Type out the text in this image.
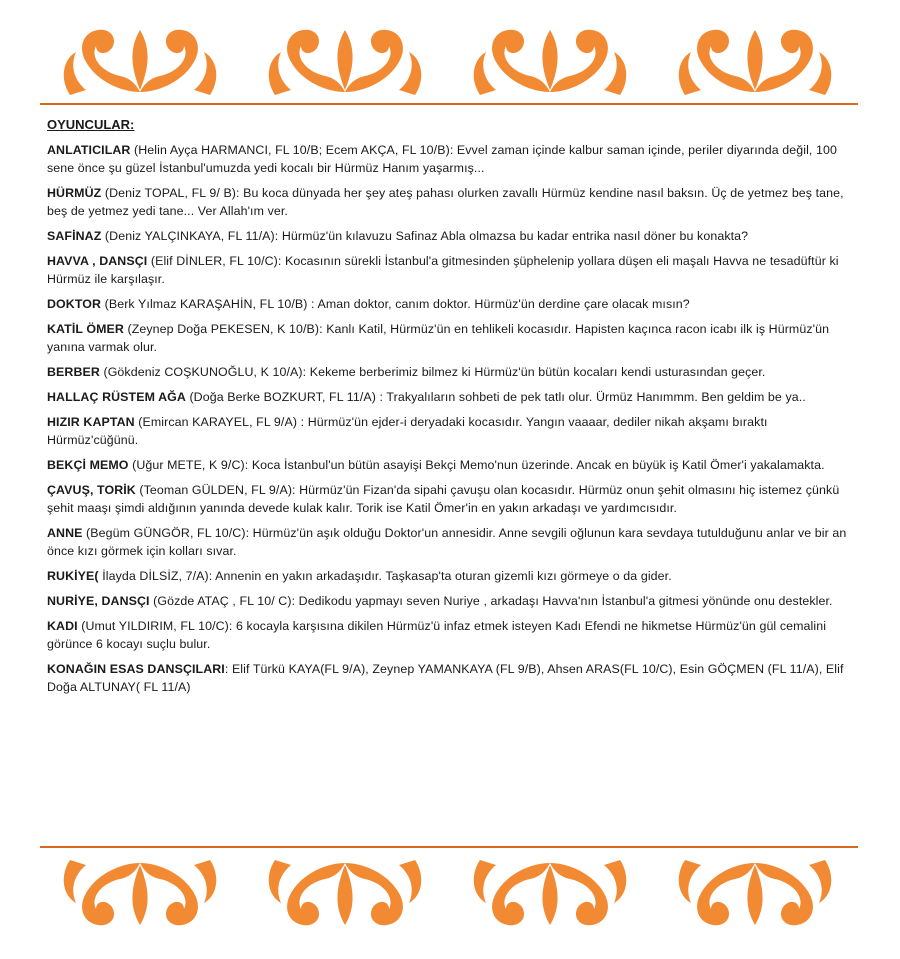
OYUNCULAR:
ANLATICILAR (Helin Ayça HARMANCI, FL 10/B; Ecem AKÇA, FL 10/B): Evvel zaman içinde kalbur saman içinde, periler diyarında değil, 100 sene önce şu güzel İstanbul'umuzda yedi kocalı bir Hürmüz Hanım yaşarmış...
HÜRMÜZ (Deniz TOPAL, FL 9/ B): Bu koca dünyada her şey ateş pahası olurken zavallı Hürmüz kendine nasıl baksın. Üç de yetmez beş tane, beş de yetmez yedi tane... Ver Allah'ım ver.
SAFİNAZ (Deniz YALÇINKAYA, FL 11/A): Hürmüz'ün kılavuzu Safinaz Abla olmazsa bu kadar entrika nasıl döner bu konakta?
HAVVA , DANSÇI (Elif DİNLER, FL 10/C): Kocasının sürekli İstanbul'a gitmesinden şüphelenip yollara düşen eli maşalı Havva ne tesadüftür ki Hürmüz ile karşılaşır.
DOKTOR (Berk Yılmaz KARAŞAHİN, FL 10/B) : Aman doktor, canım doktor. Hürmüz'ün derdine çare olacak mısın?
KATİL ÖMER (Zeynep Doğa PEKESEN, K 10/B): Kanlı Katil, Hürmüz'ün en tehlikeli kocasıdır. Hapisten kaçınca racon icabı ilk iş Hürmüz'ün yanına varmak olur.
BERBER (Gökdeniz COŞKUNOĞLU, K 10/A): Kekeme berberimiz bilmez ki Hürmüz'ün bütün kocaları kendi usturasından geçer.
HALLAÇ RÜSTEM AĞA (Doğa Berke BOZKURT, FL 11/A) : Trakyalıların sohbeti de pek tatlı olur. Ürmüz Hanımmm. Ben geldim be ya..
HIZIR KAPTAN (Emircan KARAYEL, FL 9/A) : Hürmüz'ün ejder-i deryadaki kocasıdır. Yangın vaaaar, dediler nikah akşamı bıraktı Hürmüz'cüğünü.
BEKÇİ MEMO (Uğur METE, K 9/C): Koca İstanbul'un bütün asayişi Bekçi Memo'nun üzerinde. Ancak en büyük iş Katil Ömer'i yakalamakta.
ÇAVUŞ, TORİK (Teoman GÜLDEN, FL 9/A): Hürmüz'ün Fizan'da sipahi çavuşu olan kocasıdır. Hürmüz onun şehit olmasını hiç istemez çünkü şehit maaşı şimdi aldığının yanında devede kulak kalır. Torik ise Katil Ömer'in en yakın arkadaşı ve yardımcısıdır.
ANNE (Begüm GÜNGÖR, FL 10/C): Hürmüz'ün aşık olduğu Doktor'un annesidir. Anne sevgili oğlunun kara sevdaya tutulduğunu anlar ve bir an önce kızı görmek için kolları sıvar.
RUKİYE( İlayda DİLSİZ, 7/A): Annenin en yakın arkadaşıdır. Taşkasap'ta oturan gizemli kızı görmeye o da gider.
NURİYE, DANSÇI (Gözde ATAÇ , FL 10/ C): Dedikodu yapmayı seven Nuriye , arkadaşı Havva'nın İstanbul'a gitmesi yönünde onu destekler.
KADI (Umut YILDIRIM, FL 10/C): 6 kocayla karşısına dikilen Hürmüz'ü infaz etmek isteyen Kadı Efendi ne hikmetse Hürmüz'ün gül cemalini görünce 6 kocayı suçlu bulur.
KONAĞIN ESAS DANSÇILARI: Elif Türkü KAYA(FL 9/A), Zeynep YAMANKAYA (FL 9/B), Ahsen ARAS(FL 10/C), Esin GÖÇMEN (FL 11/A), Elif Doğa ALTUNAY( FL 11/A)
